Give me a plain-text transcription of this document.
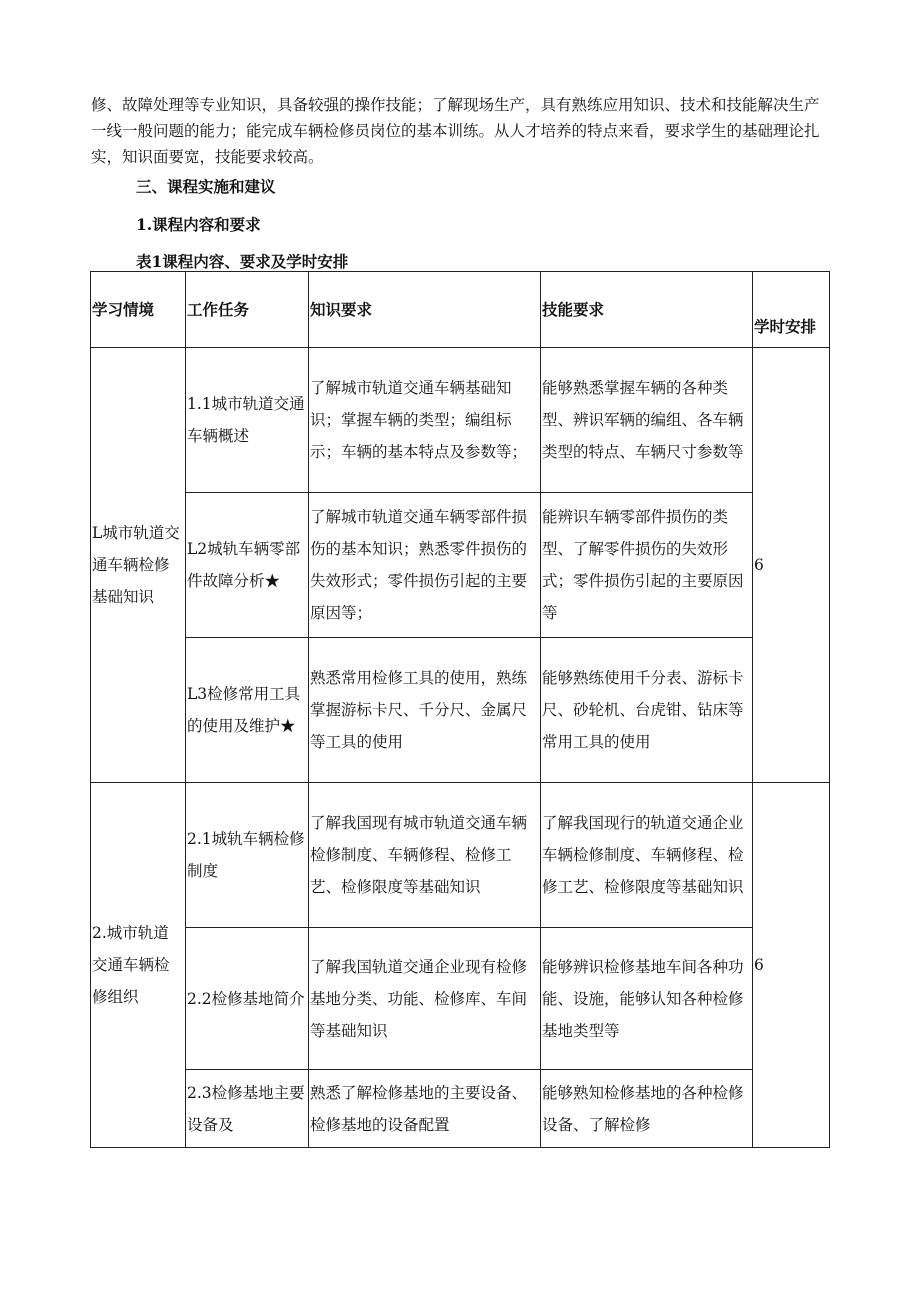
修、故障处理等专业知识，具备较强的操作技能；了解现场生产，具有熟练应用知识、技术和技能解决生产一线一般问题的能力；能完成车辆检修员岗位的基本训练。从人才培养的特点来看，要求学生的基础理论扎实，知识面要宽，技能要求较高。

三、课程实施和建议

1.课程内容和要求

表1课程内容、要求及学时安排

学习情境	工作任务	知识要求	技能要求	学时安排
L城市轨道交通车辆检修基础知识	1.1城市轨道交通车辆概述	了解城市轨道交通车辆基础知识；掌握车辆的类型；编组标示；车辆的基本特点及参数等；	能够熟悉掌握车辆的各种类型、辨识军辆的编组、各车辆类型的特点、车辆尺寸参数等	6
	L2城轨车辆零部件故障分析★	了解城市轨道交通车辆零部件损伤的基本知识；熟悉零件损伤的失效形式；零件损伤引起的主要原因等；	能辨识车辆零部件损伤的类型、了解零件损伤的失效形式；零件损伤引起的主要原因等	
	L3检修常用工具的使用及维护★	熟悉常用检修工具的使用，熟练掌握游标卡尺、千分尺、金属尺等工具的使用	能够熟练使用千分表、游标卡尺、砂轮机、台虎钳、钻床等常用工具的使用	
2.城市轨道交通车辆检修组织	2.1城轨车辆检修制度	了解我国现有城市轨道交通车辆检修制度、车辆修程、检修工艺、检修限度等基础知识	了解我国现行的轨道交通企业车辆检修制度、车辆修程、检修工艺、检修限度等基础知识	6
	2.2检修基地简介	了解我国轨道交通企业现有检修基地分类、功能、检修库、车间等基础知识	能够辨识检修基地车间各种功能、设施，能够认知各种检修基地类型等	
	2.3检修基地主要设备及	熟悉了解检修基地的主要设备、检修基地的设备配置	能够熟知检修基地的各种检修设备、了解检修	
